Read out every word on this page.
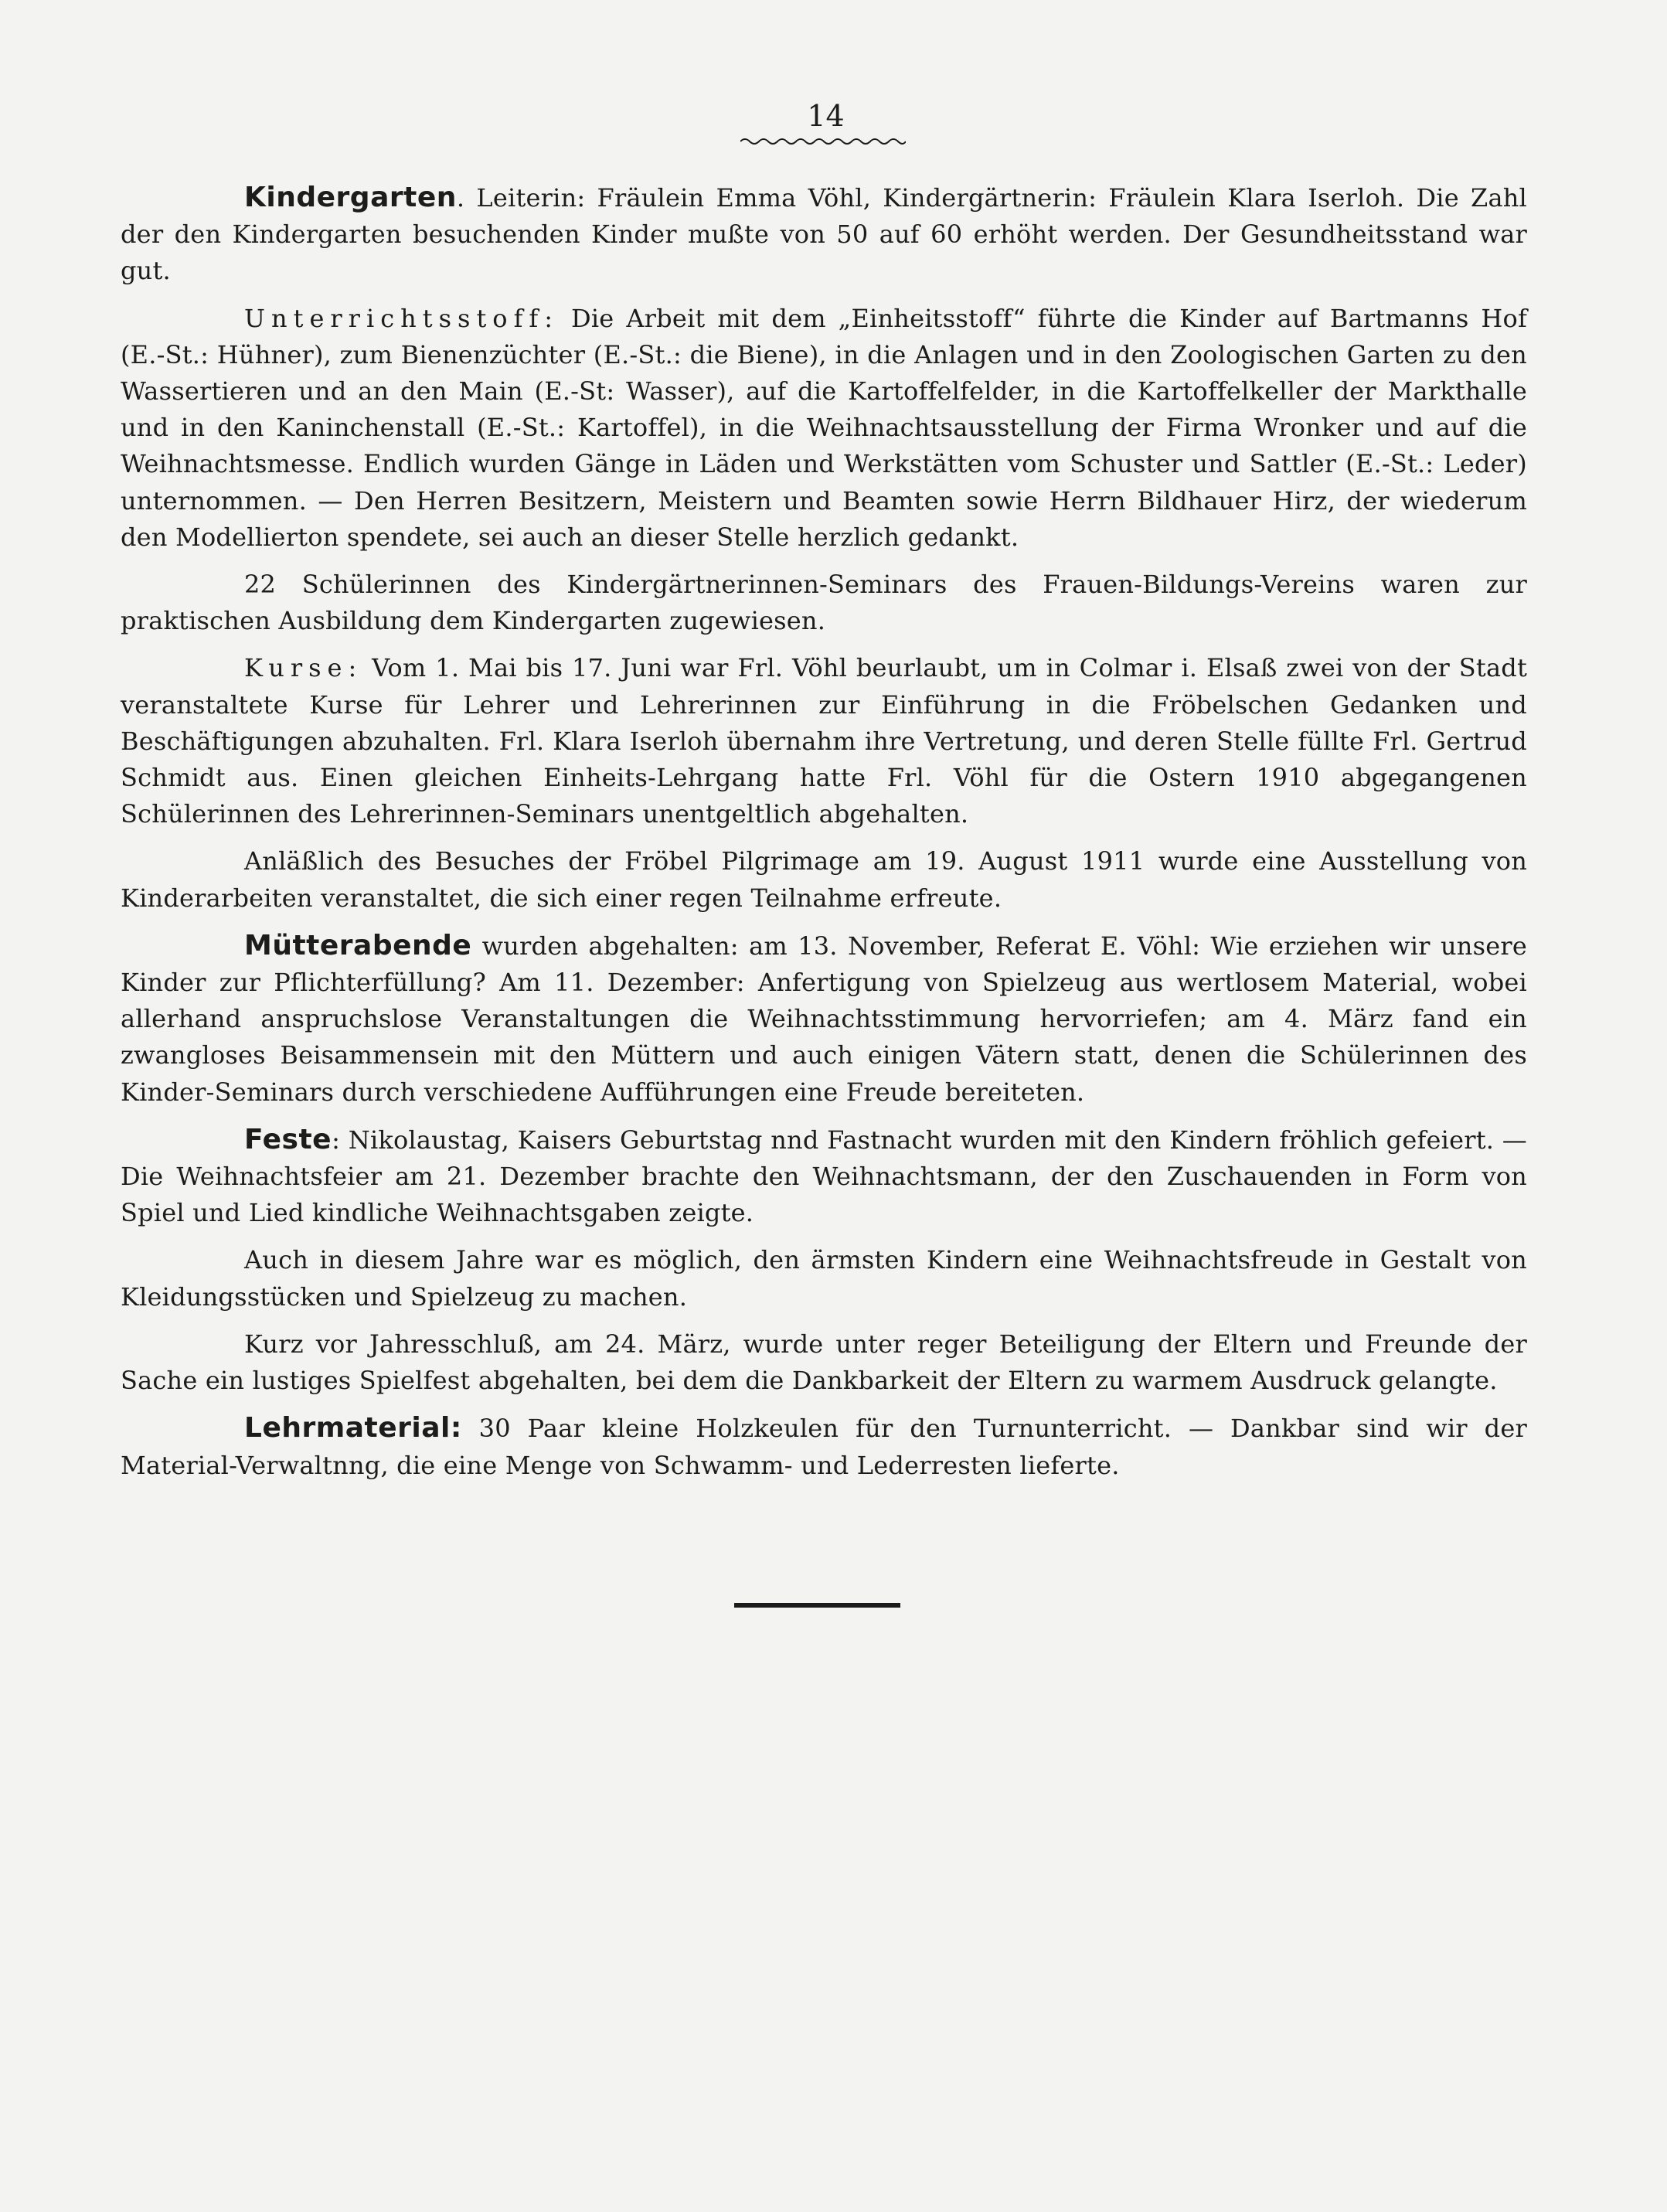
14

Kindergarten. Leiterin: Fräulein Emma Vöhl, Kindergärtnerin: Fräulein Klara Iserloh. Die Zahl der den Kindergarten besuchenden Kinder mußte von 50 auf 60 erhöht werden. Der Gesundheitsstand war gut.

Unterrichtsstoff: Die Arbeit mit dem „Einheitsstoff“ führte die Kinder auf Bartmanns Hof (E.-St.: Hühner), zum Bienenzüchter (E.-St.: die Biene), in die Anlagen und in den Zoologischen Garten zu den Wassertieren und an den Main (E.-St: Wasser), auf die Kartoffelfelder, in die Kartoffelkeller der Markthalle und in den Kaninchenstall (E.-St.: Kartoffel), in die Weihnachtsausstellung der Firma Wronker und auf die Weihnachtsmesse. Endlich wurden Gänge in Läden und Werkstätten vom Schuster und Sattler (E.-St.: Leder) unternommen. — Den Herren Besitzern, Meistern und Beamten sowie Herrn Bildhauer Hirz, der wiederum den Modellierton spendete, sei auch an dieser Stelle herzlich gedankt.

22 Schülerinnen des Kindergärtnerinnen-Seminars des Frauen-Bildungs-Vereins waren zur praktischen Ausbildung dem Kindergarten zugewiesen.

Kurse: Vom 1. Mai bis 17. Juni war Frl. Vöhl beurlaubt, um in Colmar i. Elsaß zwei von der Stadt veranstaltete Kurse für Lehrer und Lehrerinnen zur Einführung in die Fröbelschen Gedanken und Beschäftigungen abzuhalten. Frl. Klara Iserloh übernahm ihre Vertretung, und deren Stelle füllte Frl. Gertrud Schmidt aus. Einen gleichen Einheits-Lehrgang hatte Frl. Vöhl für die Ostern 1910 abgegangenen Schülerinnen des Lehrerinnen-Seminars unentgeltlich abgehalten.

Anläßlich des Besuches der Fröbel Pilgrimage am 19. August 1911 wurde eine Ausstellung von Kinderarbeiten veranstaltet, die sich einer regen Teilnahme erfreute.

Mütterabende wurden abgehalten: am 13. November, Referat E. Vöhl: Wie erziehen wir unsere Kinder zur Pflichterfüllung? Am 11. Dezember: Anfertigung von Spielzeug aus wertlosem Material, wobei allerhand anspruchslose Veranstaltungen die Weihnachtsstimmung hervorriefen; am 4. März fand ein zwangloses Beisammensein mit den Müttern und auch einigen Vätern statt, denen die Schülerinnen des Kinder-Seminars durch verschiedene Aufführungen eine Freude bereiteten.

Feste: Nikolaustag, Kaisers Geburtstag nnd Fastnacht wurden mit den Kindern fröhlich gefeiert. — Die Weihnachtsfeier am 21. Dezember brachte den Weihnachtsmann, der den Zuschauenden in Form von Spiel und Lied kindliche Weihnachtsgaben zeigte.

Auch in diesem Jahre war es möglich, den ärmsten Kindern eine Weihnachtsfreude in Gestalt von Kleidungsstücken und Spielzeug zu machen.

Kurz vor Jahresschluß, am 24. März, wurde unter reger Beteiligung der Eltern und Freunde der Sache ein lustiges Spielfest abgehalten, bei dem die Dankbarkeit der Eltern zu warmem Ausdruck gelangte.

Lehrmaterial: 30 Paar kleine Holzkeulen für den Turnunterricht. — Dankbar sind wir der Material-Verwaltnng, die eine Menge von Schwamm- und Lederresten lieferte.
